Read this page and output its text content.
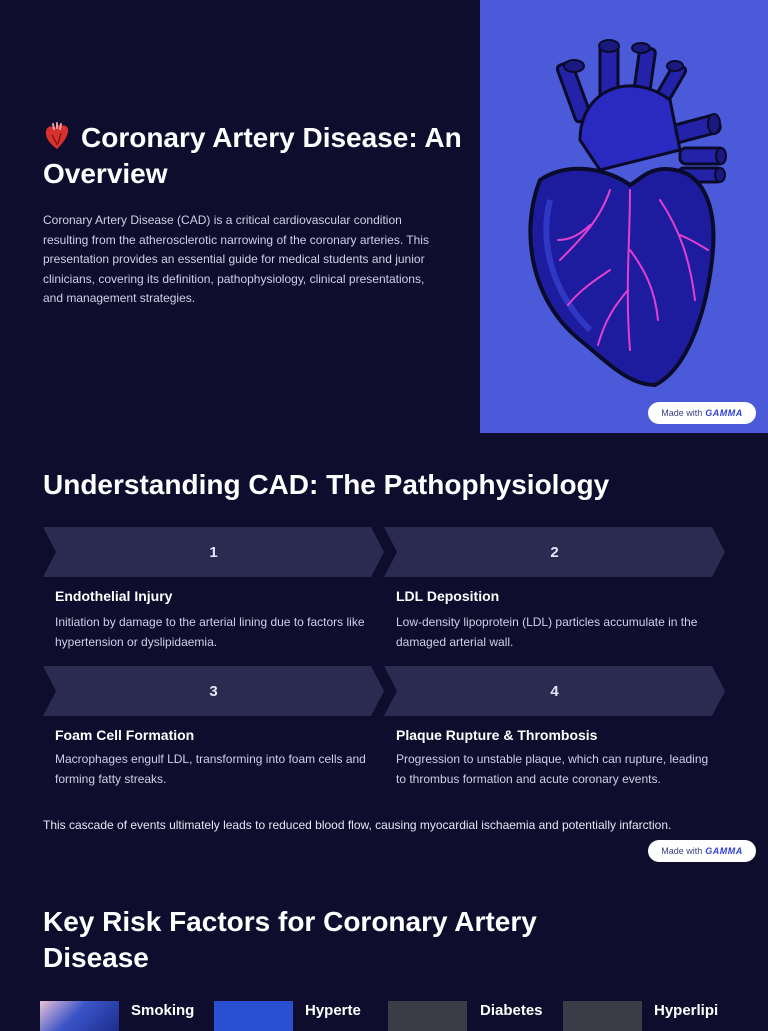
Coronary Artery Disease: An Overview
Coronary Artery Disease (CAD) is a critical cardiovascular condition resulting from the atherosclerotic narrowing of the coronary arteries. This presentation provides an essential guide for medical students and junior clinicians, covering its definition, pathophysiology, clinical presentations, and management strategies.
Made with GAMMA
Understanding CAD: The Pathophysiology
1	2
Endothelial Injury
Initiation by damage to the arterial lining due to factors like hypertension or dyslipidaemia.
LDL Deposition
Low-density lipoprotein (LDL) particles accumulate in the damaged arterial wall.
3	4
Foam Cell Formation
Macrophages engulf LDL, transforming into foam cells and forming fatty streaks.
Plaque Rupture & Thrombosis
Progression to unstable plaque, which can rupture, leading to thrombus formation and acute coronary events.
This cascade of events ultimately leads to reduced blood flow, causing myocardial ischaemia and potentially infarction.
Made with GAMMA
Key Risk Factors for Coronary Artery Disease
Smoking	Hyperte	Diabetes	Hyperlipi
